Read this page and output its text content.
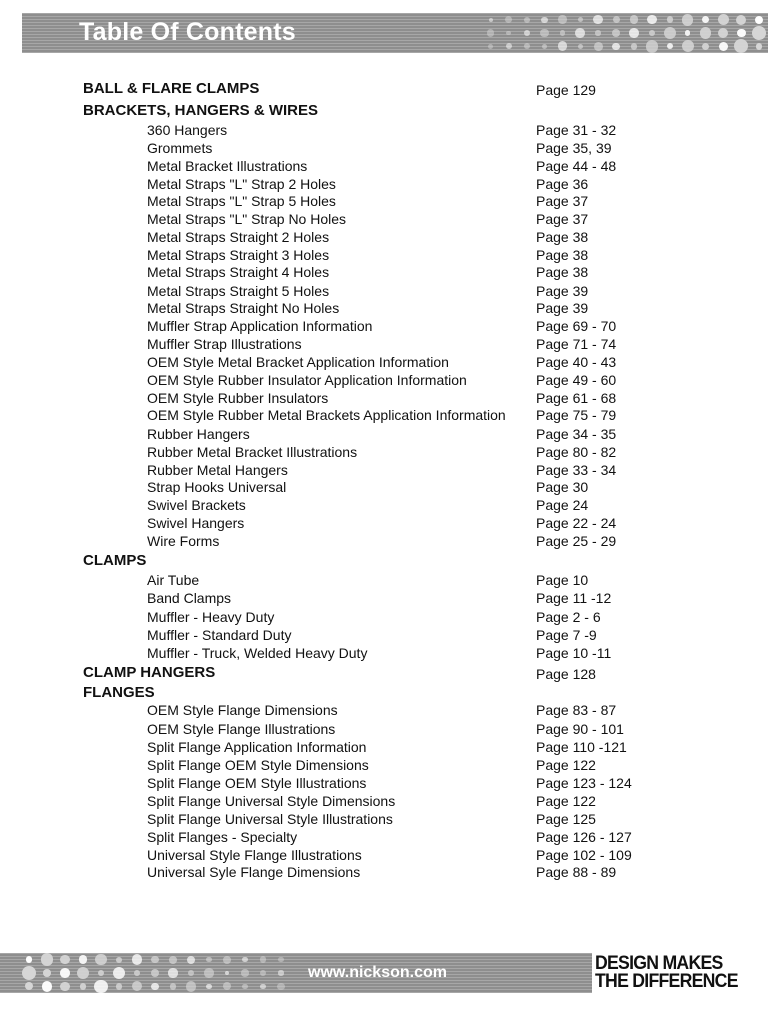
Table Of Contents
BALL & FLARE CLAMPS	Page 129
BRACKETS, HANGERS & WIRES
360 Hangers	Page 31 - 32
Grommets	Page 35, 39
Metal Bracket Illustrations	Page 44 - 48
Metal Straps "L" Strap 2 Holes	Page 36
Metal Straps "L" Strap 5 Holes	Page 37
Metal Straps "L" Strap No Holes	Page 37
Metal Straps Straight 2 Holes	Page 38
Metal Straps Straight 3 Holes	Page 38
Metal Straps Straight 4 Holes	Page 38
Metal Straps Straight 5 Holes	Page 39
Metal Straps Straight No Holes	Page 39
Muffler Strap Application Information	Page 69 - 70
Muffler Strap Illustrations	Page 71 - 74
OEM Style Metal Bracket Application Information	Page 40 - 43
OEM Style Rubber Insulator Application Information	Page 49 - 60
OEM Style Rubber Insulators	Page 61 - 68
OEM Style Rubber Metal Brackets Application Information Page 75 - 79
Rubber Hangers	Page 34 - 35
Rubber Metal Bracket Illustrations	Page 80 - 82
Rubber Metal Hangers	Page 33 - 34
Strap Hooks Universal	Page 30
Swivel Brackets	Page 24
Swivel Hangers	Page 22 - 24
Wire Forms	Page 25 - 29
CLAMPS
Air Tube	Page 10
Band Clamps	Page 11 -12
Muffler - Heavy Duty	Page 2 - 6
Muffler - Standard Duty	Page 7 -9
Muffler - Truck, Welded Heavy Duty	Page 10 -11
CLAMP HANGERS	Page 128
FLANGES
OEM Style Flange Dimensions	Page 83 - 87
OEM Style Flange Illustrations	Page 90 - 101
Split Flange Application Information	Page 110 -121
Split Flange OEM Style Dimensions	Page 122
Split Flange OEM Style Illustrations	Page 123 - 124
Split Flange Universal Style Dimensions	Page 122
Split Flange Universal Style Illustrations	Page 125
Split Flanges - Specialty	Page 126 - 127
Universal Style Flange Illustrations	Page 102 - 109
Universal Syle Flange Dimensions	Page 88 - 89
www.nickson.com	DESIGN MAKES
THE DIFFERENCE
